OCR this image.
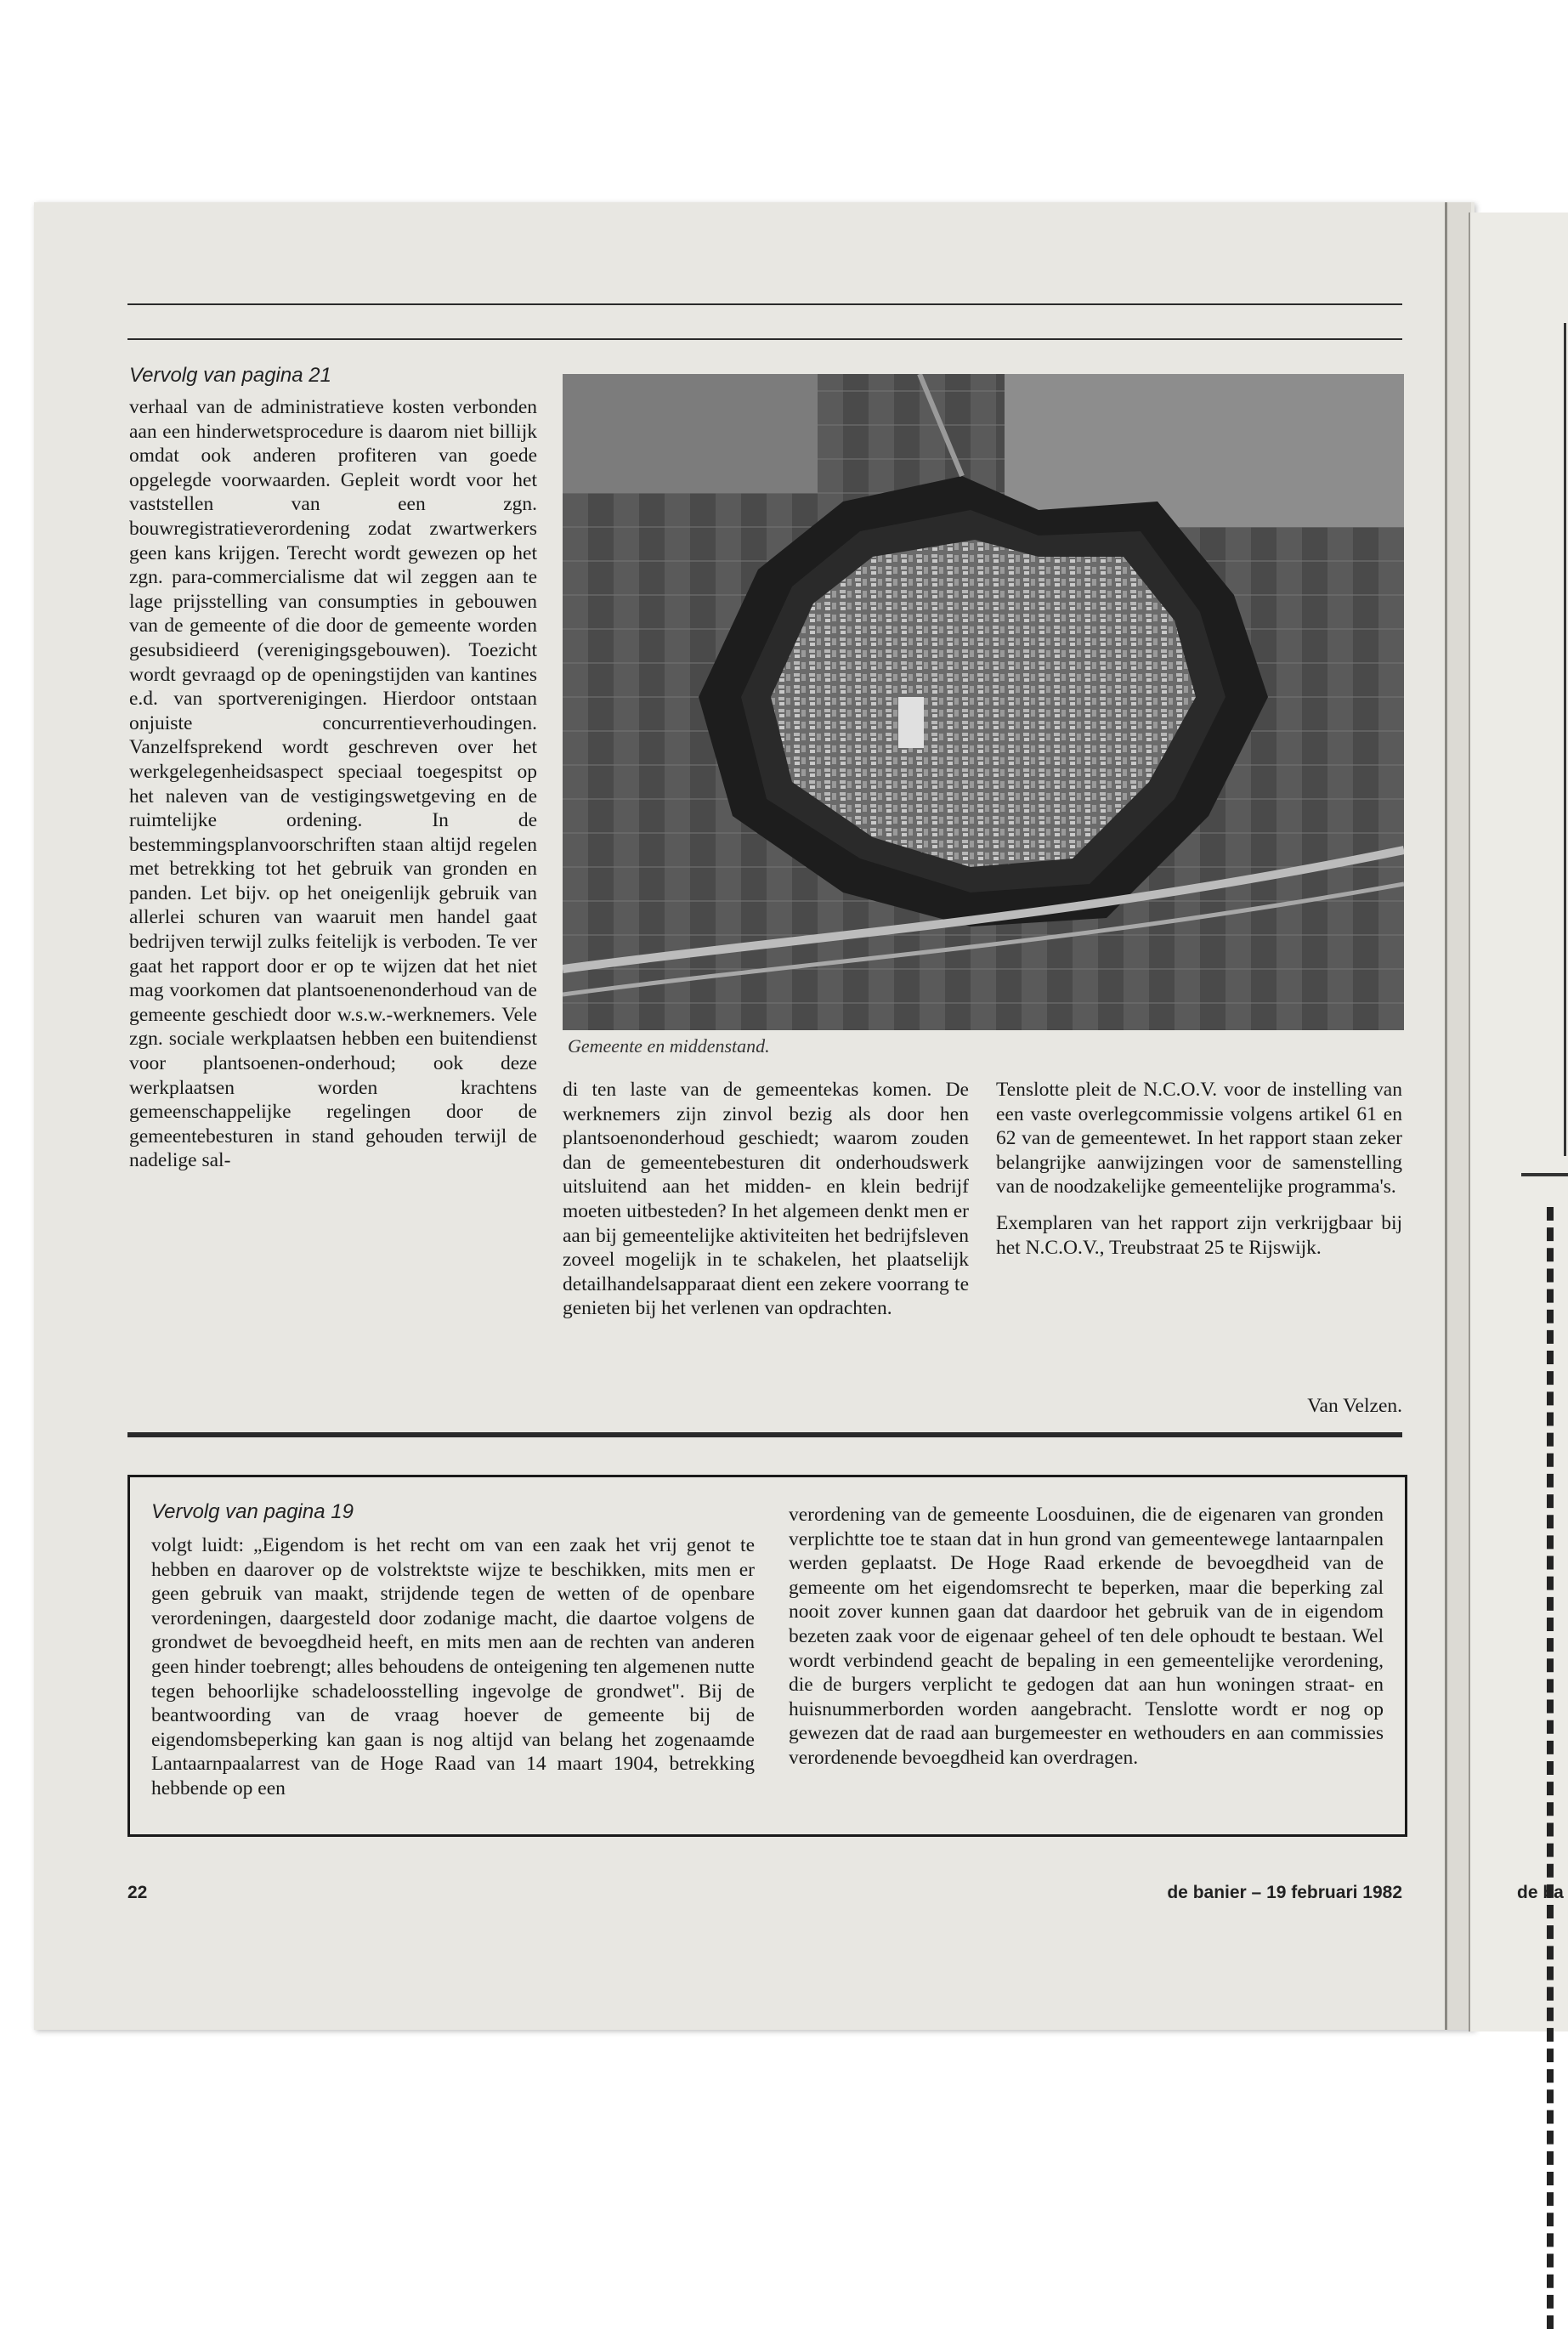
de ba
Vervolg van pagina 21

verhaal van de administratieve kosten verbonden aan een hinderwetsprocedure is daarom niet billijk omdat ook anderen profiteren van goede opgelegde voorwaarden. Gepleit wordt voor het vaststellen van een zgn. bouwregistratieverordening zodat zwartwerkers geen kans krijgen. Terecht wordt gewezen op het zgn. para-commercialisme dat wil zeggen aan te lage prijsstelling van consumpties in gebouwen van de gemeente of die door de gemeente worden gesubsidieerd (verenigingsgebouwen). Toezicht wordt gevraagd op de openingstijden van kantines e.d. van sportverenigingen. Hierdoor ontstaan onjuiste concurrentieverhoudingen. Vanzelfsprekend wordt geschreven over het werkgelegenheidsaspect speciaal toegespitst op het naleven van de vestigingswetgeving en de ruimtelijke ordening. In de bestemmingsplanvoorschriften staan altijd regelen met betrekking tot het gebruik van gronden en panden. Let bijv. op het oneigenlijk gebruik van allerlei schuren van waaruit men handel gaat bedrijven terwijl zulks feitelijk is verboden. Te ver gaat het rapport door er op te wijzen dat het niet mag voorkomen dat plantsoenenonderhoud van de gemeente geschiedt door w.s.w.-werknemers. Vele zgn. sociale werkplaatsen hebben een buitendienst voor plantsoenen-onderhoud; ook deze werkplaatsen worden krachtens gemeenschappelijke regelingen door de gemeentebesturen in stand gehouden terwijl de nadelige sal-

Gemeente en middenstand.

di ten laste van de gemeentekas komen. De werknemers zijn zinvol bezig als door hen plantsoenonderhoud geschiedt; waarom zouden dan de gemeentebesturen dit onderhoudswerk uitsluitend aan het midden- en klein bedrijf moeten uitbesteden? In het algemeen denkt men er aan bij gemeentelijke aktiviteiten het bedrijfsleven zoveel mogelijk in te schakelen, het plaatselijk detailhandelsapparaat dient een zekere voorrang te genieten bij het verlenen van opdrachten.

Tenslotte pleit de N.C.O.V. voor de instelling van een vaste overlegcommissie volgens artikel 61 en 62 van de gemeentewet. In het rapport staan zeker belangrijke aanwijzingen voor de samenstelling van de noodzakelijke gemeentelijke programma's.

Exemplaren van het rapport zijn verkrijgbaar bij het N.C.O.V., Treubstraat 25 te Rijswijk.

Van Velzen.

Vervolg van pagina 19

volgt luidt: „Eigendom is het recht om van een zaak het vrij genot te hebben en daarover op de volstrektste wijze te beschikken, mits men er geen gebruik van maakt, strijdende tegen de wetten of de openbare verordeningen, daargesteld door zodanige macht, die daartoe volgens de grondwet de bevoegdheid heeft, en mits men aan de rechten van anderen geen hinder toebrengt; alles behoudens de onteigening ten algemenen nutte tegen behoorlijke schadeloosstelling ingevolge de grondwet". Bij de beantwoording van de vraag hoever de gemeente bij de eigendomsbeperking kan gaan is nog altijd van belang het zogenaamde Lantaarnpaalarrest van de Hoge Raad van 14 maart 1904, betrekking hebbende op een

verordening van de gemeente Loosduinen, die de eigenaren van gronden verplichtte toe te staan dat in hun grond van gemeentewege lantaarnpalen werden geplaatst. De Hoge Raad erkende de bevoegdheid van de gemeente om het eigendomsrecht te beperken, maar die beperking zal nooit zover kunnen gaan dat daardoor het gebruik van de in eigendom bezeten zaak voor de eigenaar geheel of ten dele ophoudt te bestaan. Wel wordt verbindend geacht de bepaling in een gemeentelijke verordening, die de burgers verplicht te gedogen dat aan hun woningen straat- en huisnummerborden worden aangebracht. Tenslotte wordt er nog op gewezen dat de raad aan burgemeester en wethouders en aan commissies verordenende bevoegdheid kan overdragen.

22	de banier – 19 februari 1982
